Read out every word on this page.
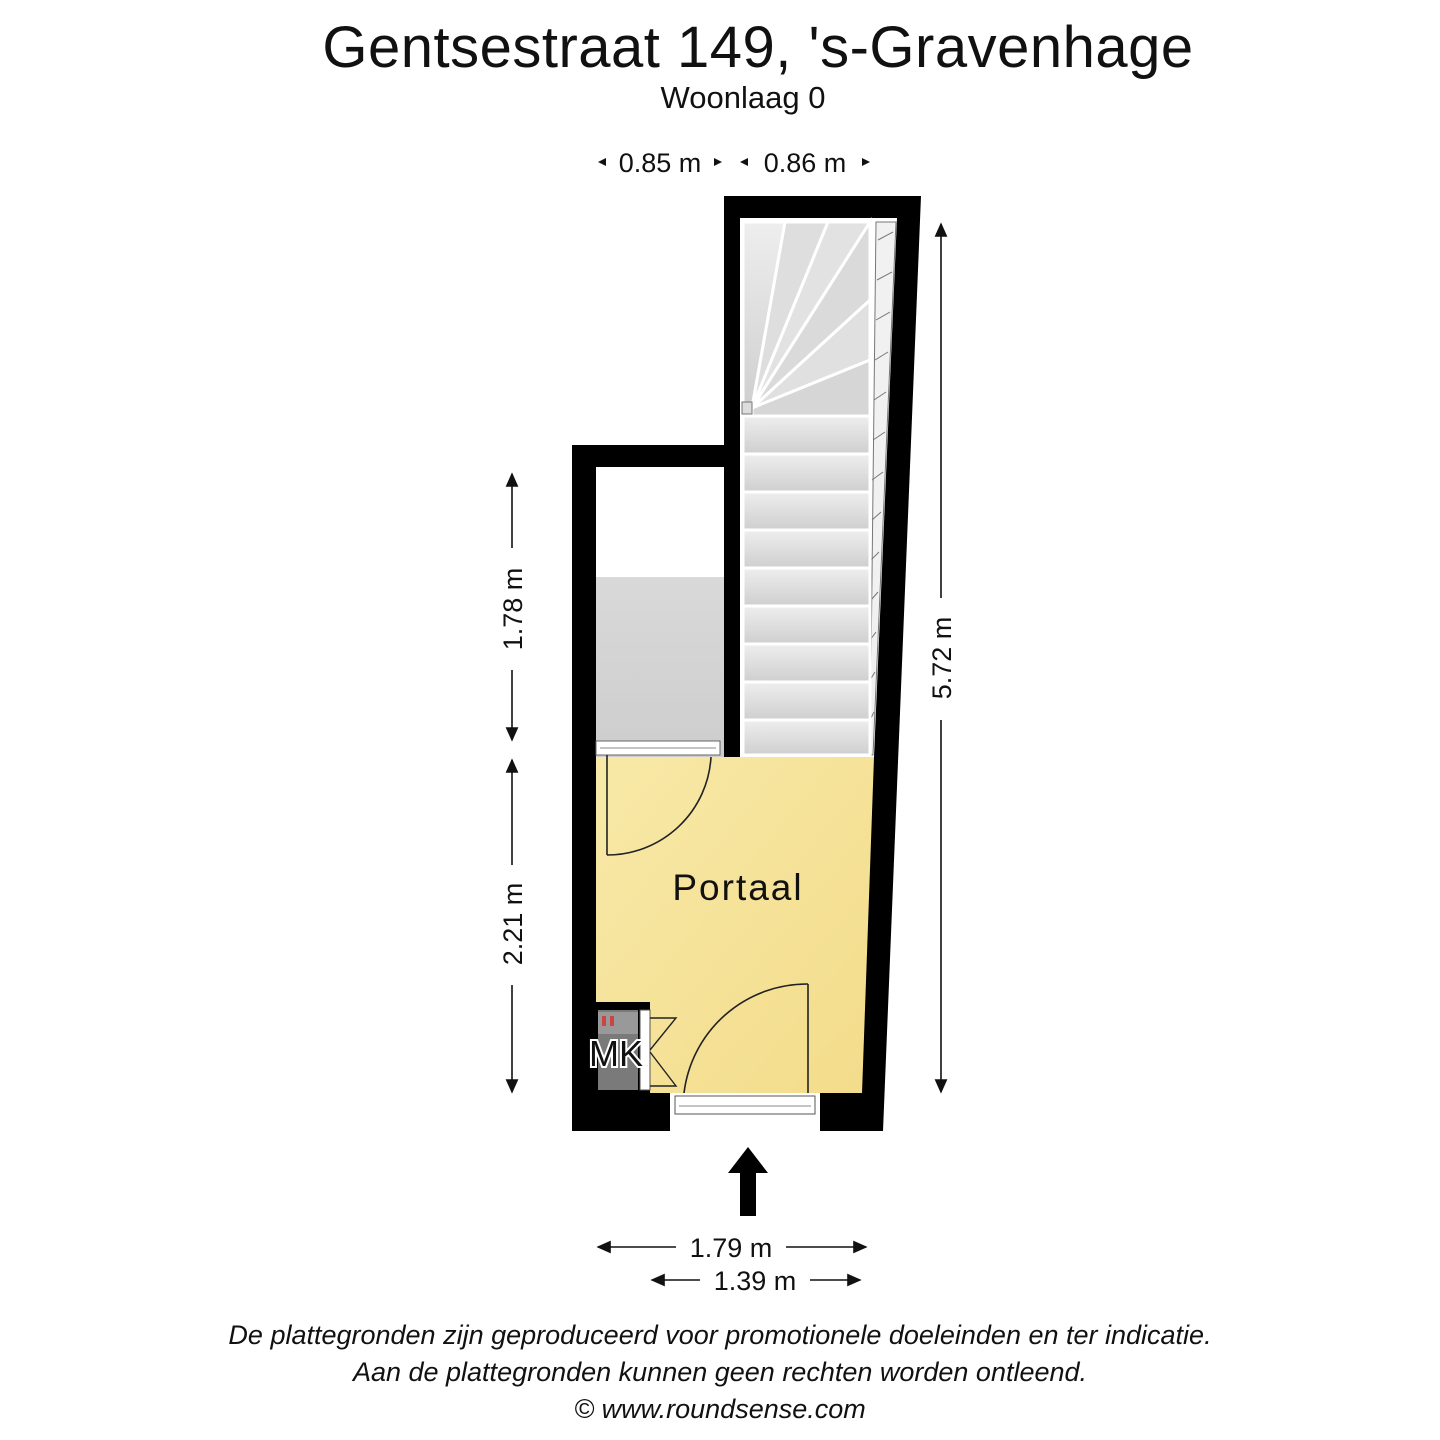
Gentsestraat 149, 's-Gravenhage
Woonlaag 0
Portaal
MK
0.85 m 0.86 m
1.78 m
2.21 m
5.72 m
1.79 m
1.39 m
De plattegronden zijn geproduceerd voor promotionele doeleinden en ter indicatie.
Aan de plattegronden kunnen geen rechten worden ontleend.
© www.roundsense.com
